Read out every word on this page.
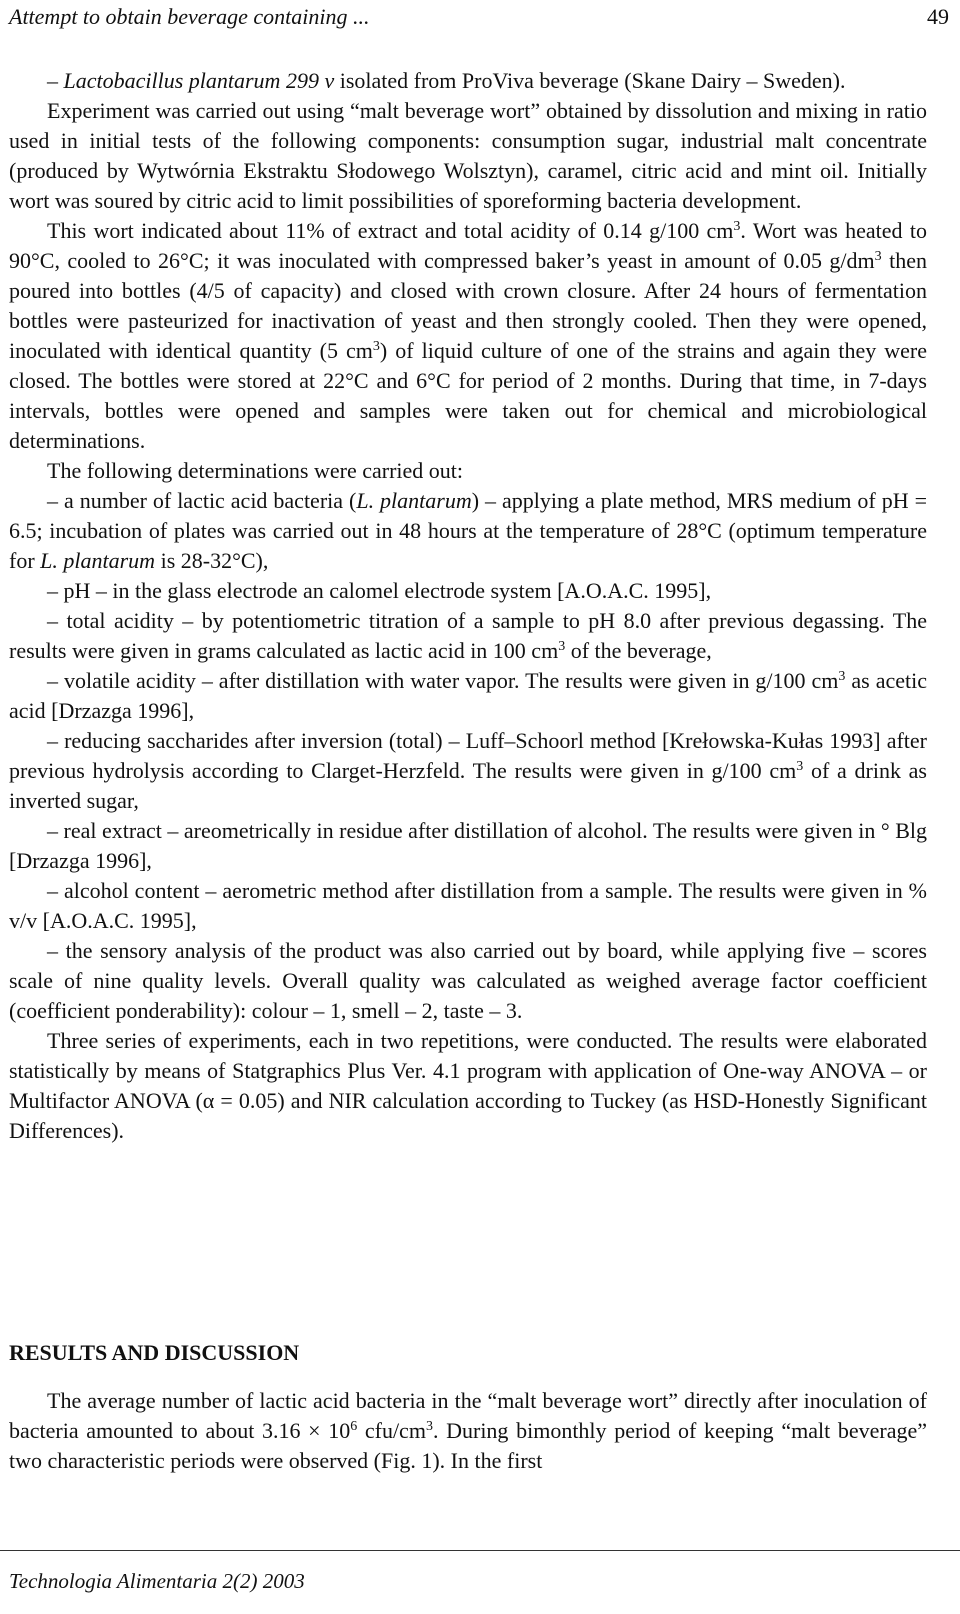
Attempt to obtain beverage containing ...	49

– Lactobacillus plantarum 299 v isolated from ProViva beverage (Skane Dairy – Sweden).

Experiment was carried out using “malt beverage wort” obtained by dissolution and mixing in ratio used in initial tests of the following components: consumption sugar, industrial malt concentrate (produced by Wytwórnia Ekstraktu Słodowego Wolsztyn), caramel, citric acid and mint oil. Initially wort was soured by citric acid to limit possibilities of sporeforming bacteria development.

This wort indicated about 11% of extract and total acidity of 0.14 g/100 $cm^3$. Wort was heated to 90°C, cooled to 26°C; it was inoculated with compressed baker’s yeast in amount of 0.05 $g/dm^3$ then poured into bottles (4/5 of capacity) and closed with crown closure. After 24 hours of fermentation bottles were pasteurized for inactivation of yeast and then strongly cooled. Then they were opened, inoculated with identical quantity (5 $cm^3$) of liquid culture of one of the strains and again they were closed. The bottles were stored at 22°C and 6°C for period of 2 months. During that time, in 7-days intervals, bottles were opened and samples were taken out for chemical and microbiological determinations.

The following determinations were carried out:

– a number of lactic acid bacteria (L. plantarum) – applying a plate method, MRS medium of pH = 6.5; incubation of plates was carried out in 48 hours at the temperature of 28°C (optimum temperature for L. plantarum is 28-32°C),

– pH – in the glass electrode an calomel electrode system [A.O.A.C. 1995],

– total acidity – by potentiometric titration of a sample to pH 8.0 after previous degassing. The results were given in grams calculated as lactic acid in 100 $cm^3$ of the beverage,

– volatile acidity – after distillation with water vapor. The results were given in g/100 $cm^3$ as acetic acid [Drzazga 1996],

– reducing saccharides after inversion (total) – Luff–Schoorl method [Krełowska-Kułas 1993] after previous hydrolysis according to Clarget-Herzfeld. The results were given in g/100 $cm^3$ of a drink as inverted sugar,

– real extract – areometrically in residue after distillation of alcohol. The results were given in ° Blg [Drzazga 1996],

– alcohol content – aerometric method after distillation from a sample. The results were given in % v/v [A.O.A.C. 1995],

– the sensory analysis of the product was also carried out by board, while applying five – scores scale of nine quality levels. Overall quality was calculated as weighed average factor coefficient (coefficient ponderability): colour – 1, smell – 2, taste – 3.

Three series of experiments, each in two repetitions, were conducted. The results were elaborated statistically by means of Statgraphics Plus Ver. 4.1 program with application of One-way ANOVA – or Multifactor ANOVA (α = 0.05) and NIR calculation according to Tuckey (as HSD-Honestly Significant Differences).

RESULTS AND DISCUSSION

The average number of lactic acid bacteria in the “malt beverage wort” directly after inoculation of bacteria amounted to about $3.16 \times 10^6$ cfu/$cm^3$. During bimonthly period of keeping “malt beverage” two characteristic periods were observed (Fig. 1). In the first

Technologia Alimentaria 2(2) 2003
